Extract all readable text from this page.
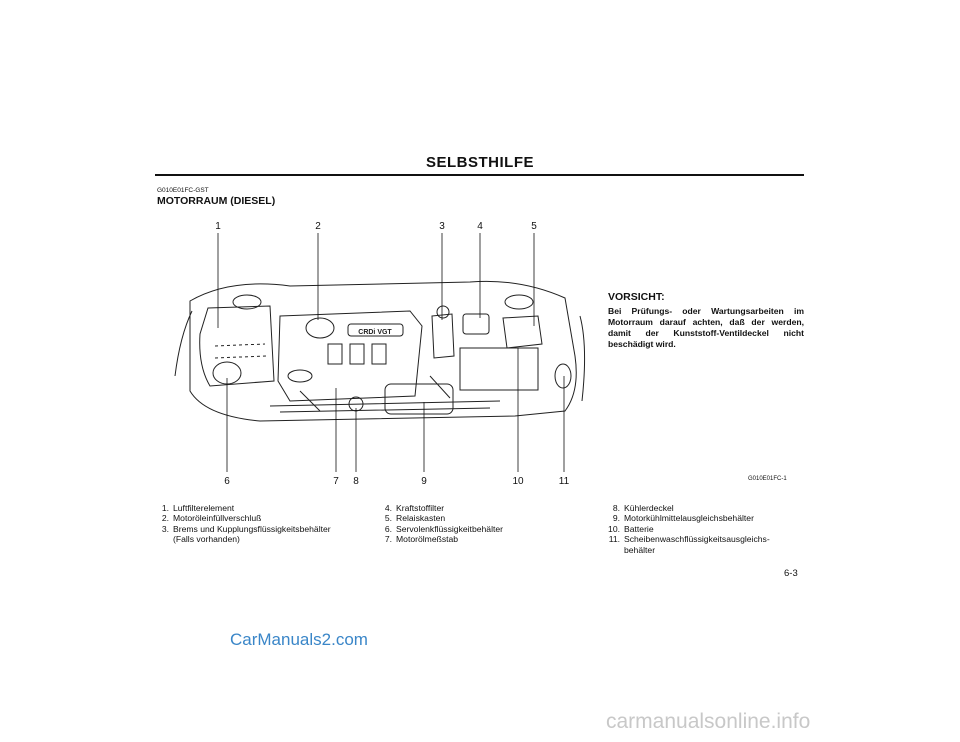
SELBSTHILFE
G010E01FC-GST
MOTORRAUM (DIESEL)
CRDi VGT
1	2	3	4	5
6	7 8	9	10	11
VORSICHT:
Bei Prüfungs- oder Wartungsarbeiten im Motorraum darauf achten, daß der werden, damit der Kunststoff-Ventildeckel nicht beschädigt wird.
G010E01FC-1
1. Luftfilterelement
2. Motoröleinfüllverschluß
3. Brems und Kupplungsflüssigkeitsbehälter
(Falls vorhanden)
4. Kraftstoffilter
5. Relaiskasten
6. Servolenkflüssigkeitbehälter
7. Motorölmeßstab
8. Kühlerdeckel
9. Motorkühlmittelausgleichsbehälter
10. Batterie
11. Scheibenwaschflüssigkeitsausgleichs-
behälter
6-3
CarManuals2.com
carmanualsonline.info
